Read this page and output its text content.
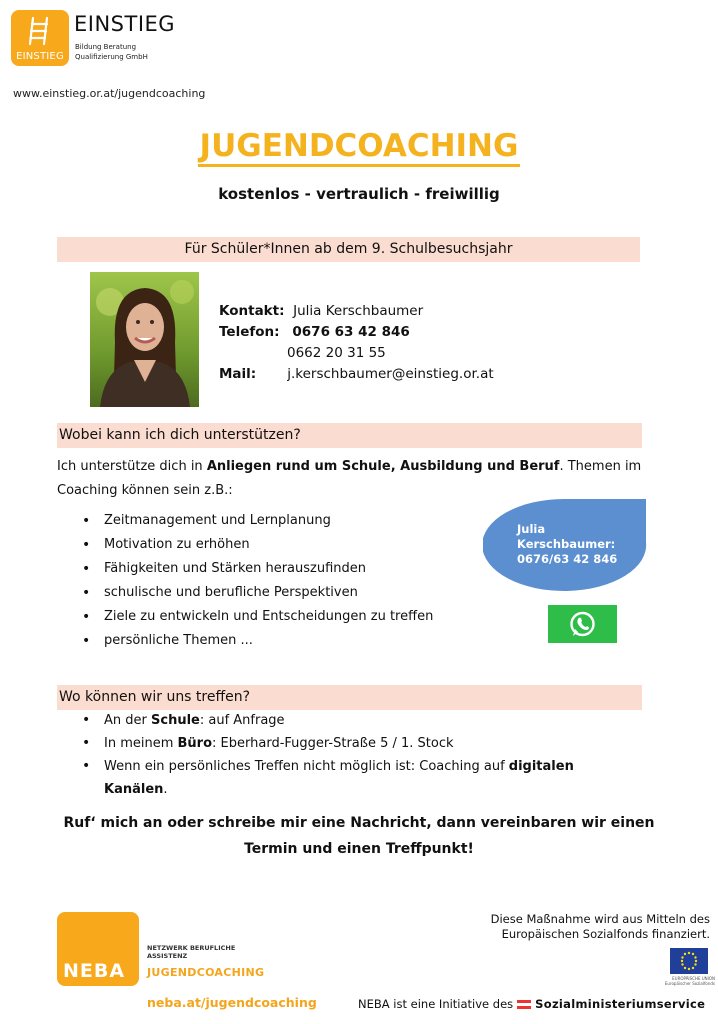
EINSTIEG
EINSTIEG
Bildung Beratung
Qualifizierung GmbH
www.einstieg.or.at/jugendcoaching
JUGENDCOACHING
kostenlos - vertraulich - freiwillig
Für Schüler*Innen ab dem 9. Schulbesuchsjahr
Kontakt: Julia Kerschbaumer
Telefon: 0676 63 42 846
0662 20 31 55
Mail: j.kerschbaumer@einstieg.or.at
Wobei kann ich dich unterstützen?
Ich unterstütze dich in Anliegen rund um Schule, Ausbildung und Beruf. Themen im Coaching können sein z.B.:
• Zeitmanagement und Lernplanung
• Motivation zu erhöhen
• Fähigkeiten und Stärken herauszufinden
• schulische und berufliche Perspektiven
• Ziele zu entwickeln und Entscheidungen zu treffen
• persönliche Themen ...
Julia
Kerschbaumer:
0676/63 42 846
Wo können wir uns treffen?
• An der Schule: auf Anfrage
• In meinem Büro: Eberhard-Fugger-Straße 5 / 1. Stock
• Wenn ein persönliches Treffen nicht möglich ist: Coaching auf digitalen Kanälen.
Ruf‘ mich an oder schreibe mir eine Nachricht, dann vereinbaren wir einen
Termin und einen Treffpunkt!
NEBA
NETZWERK BERUFLICHE
ASSISTENZ
JUGENDCOACHING
neba.at/jugendcoaching
Diese Maßnahme wird aus Mitteln des
Europäischen Sozialfonds finanziert.
EUROPÄISCHE UNION
Europäischer Sozialfonds
NEBA ist eine Initiative des Sozialministeriumservice
